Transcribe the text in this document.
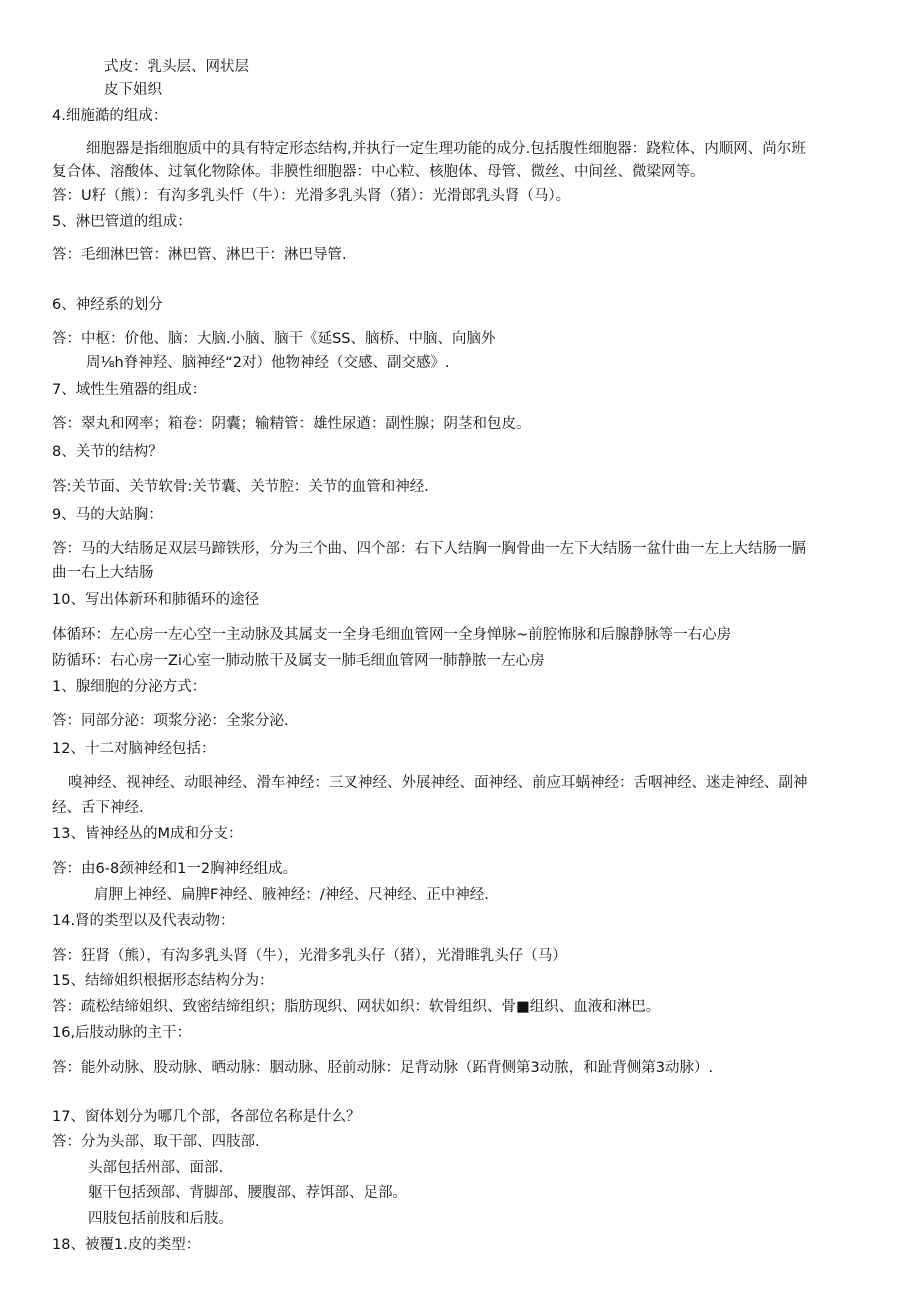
式皮：乳头层、网状层
皮下姐织
4.细施澔的组成：
细胞器是指细胞质中的具有特定形态结构,并执行一定生理功能的成分.包括腹性细胞器：跷粒体、内顺网、尚尔班
复合体、溶酸体、过氧化物除体。非膜性细胞器：中心粒、核胞体、母管、微丝、中间丝、微梁网等。
答：U籽（熊）：有沟多乳头忏（牛）：光滑多乳头肾（猪）：光滑郎乳头肾（马）。
5、淋巴管道的组成：
答：毛细淋巴管：淋巴管、淋巴干：淋巴导管.
6、神经系的划分
答：中枢：价他、脑：大脑.小脑、脑干《延SS、脑桥、中脑、向脑外
周⅛h脊神羟、脑神经“2对）他物神经（交感、副交感》.
7、域性生殖器的组成：
答：翠丸和网率；箱卷：阴囊；输精管：雄性尿遒：副性腺；阴茎和包皮。
8、关节的结构？
答:关节面、关节软骨:关节囊、关节腔：关节的血管和神经.
9、马的大站胸：
答：马的大结肠足双层马蹄铁形，分为三个曲、四个部：右下人结胸一胸骨曲一左下大结肠一盆什曲一左上大结肠一膈
曲一右上大结肠
10、写出体新环和肺循环的途径
体循环：左心房一左心空一主动脉及其属支一全身毛细血管网一全身惮脉~前腔怖脉和后腺静脉等一右心房
防循环：右心房一Zi心室一肺动脓干及属支一肺毛细血管网一肺静脓一左心房
1、腺细胞的分泌方式：
答：同部分泌：项浆分泌：全浆分泌.
12、十二对脑神经包括：
嗅神经、视神经、动眼神经、滑车神经：三叉神经、外展神经、面神经、前应耳蜗神经：舌咽神经、迷走神经、副神
经、舌下神经.
13、皆神经丛的M成和分支：
答：由6-8颈神经和1一2胸神经组成。
肩胛上神经、扁脾F神经、腋神经：/神经、尺神经、正中神经.
14.肾的类型以及代表动物：
答：狂肾（熊），有沟多乳头肾（牛），光滑多乳头仔（猪），光滑睢乳头仔（马）
15、结缔姐织根据形态结构分为：
答：疏松结缔姐织、致密结缔组织；脂肪现织、网状如织：软骨组织、骨■组织、血液和淋巴。
16,后肢动脉的主干：
答：能外动脉、股动脉、晒动脉：胭动脉、胫前动脉：足背动脉（跖背侧第3动脓，和趾背侧第3动脉）.
17、窗体划分为哪几个部，各部位名称是什么？
答：分为头部、取干部、四肢部.
头部包括州部、面部.
躯干包括颈部、背脚部、腰腹部、荐饵部、足部。
四肢包括前肢和后肢。
18、被覆1.皮的类型：
